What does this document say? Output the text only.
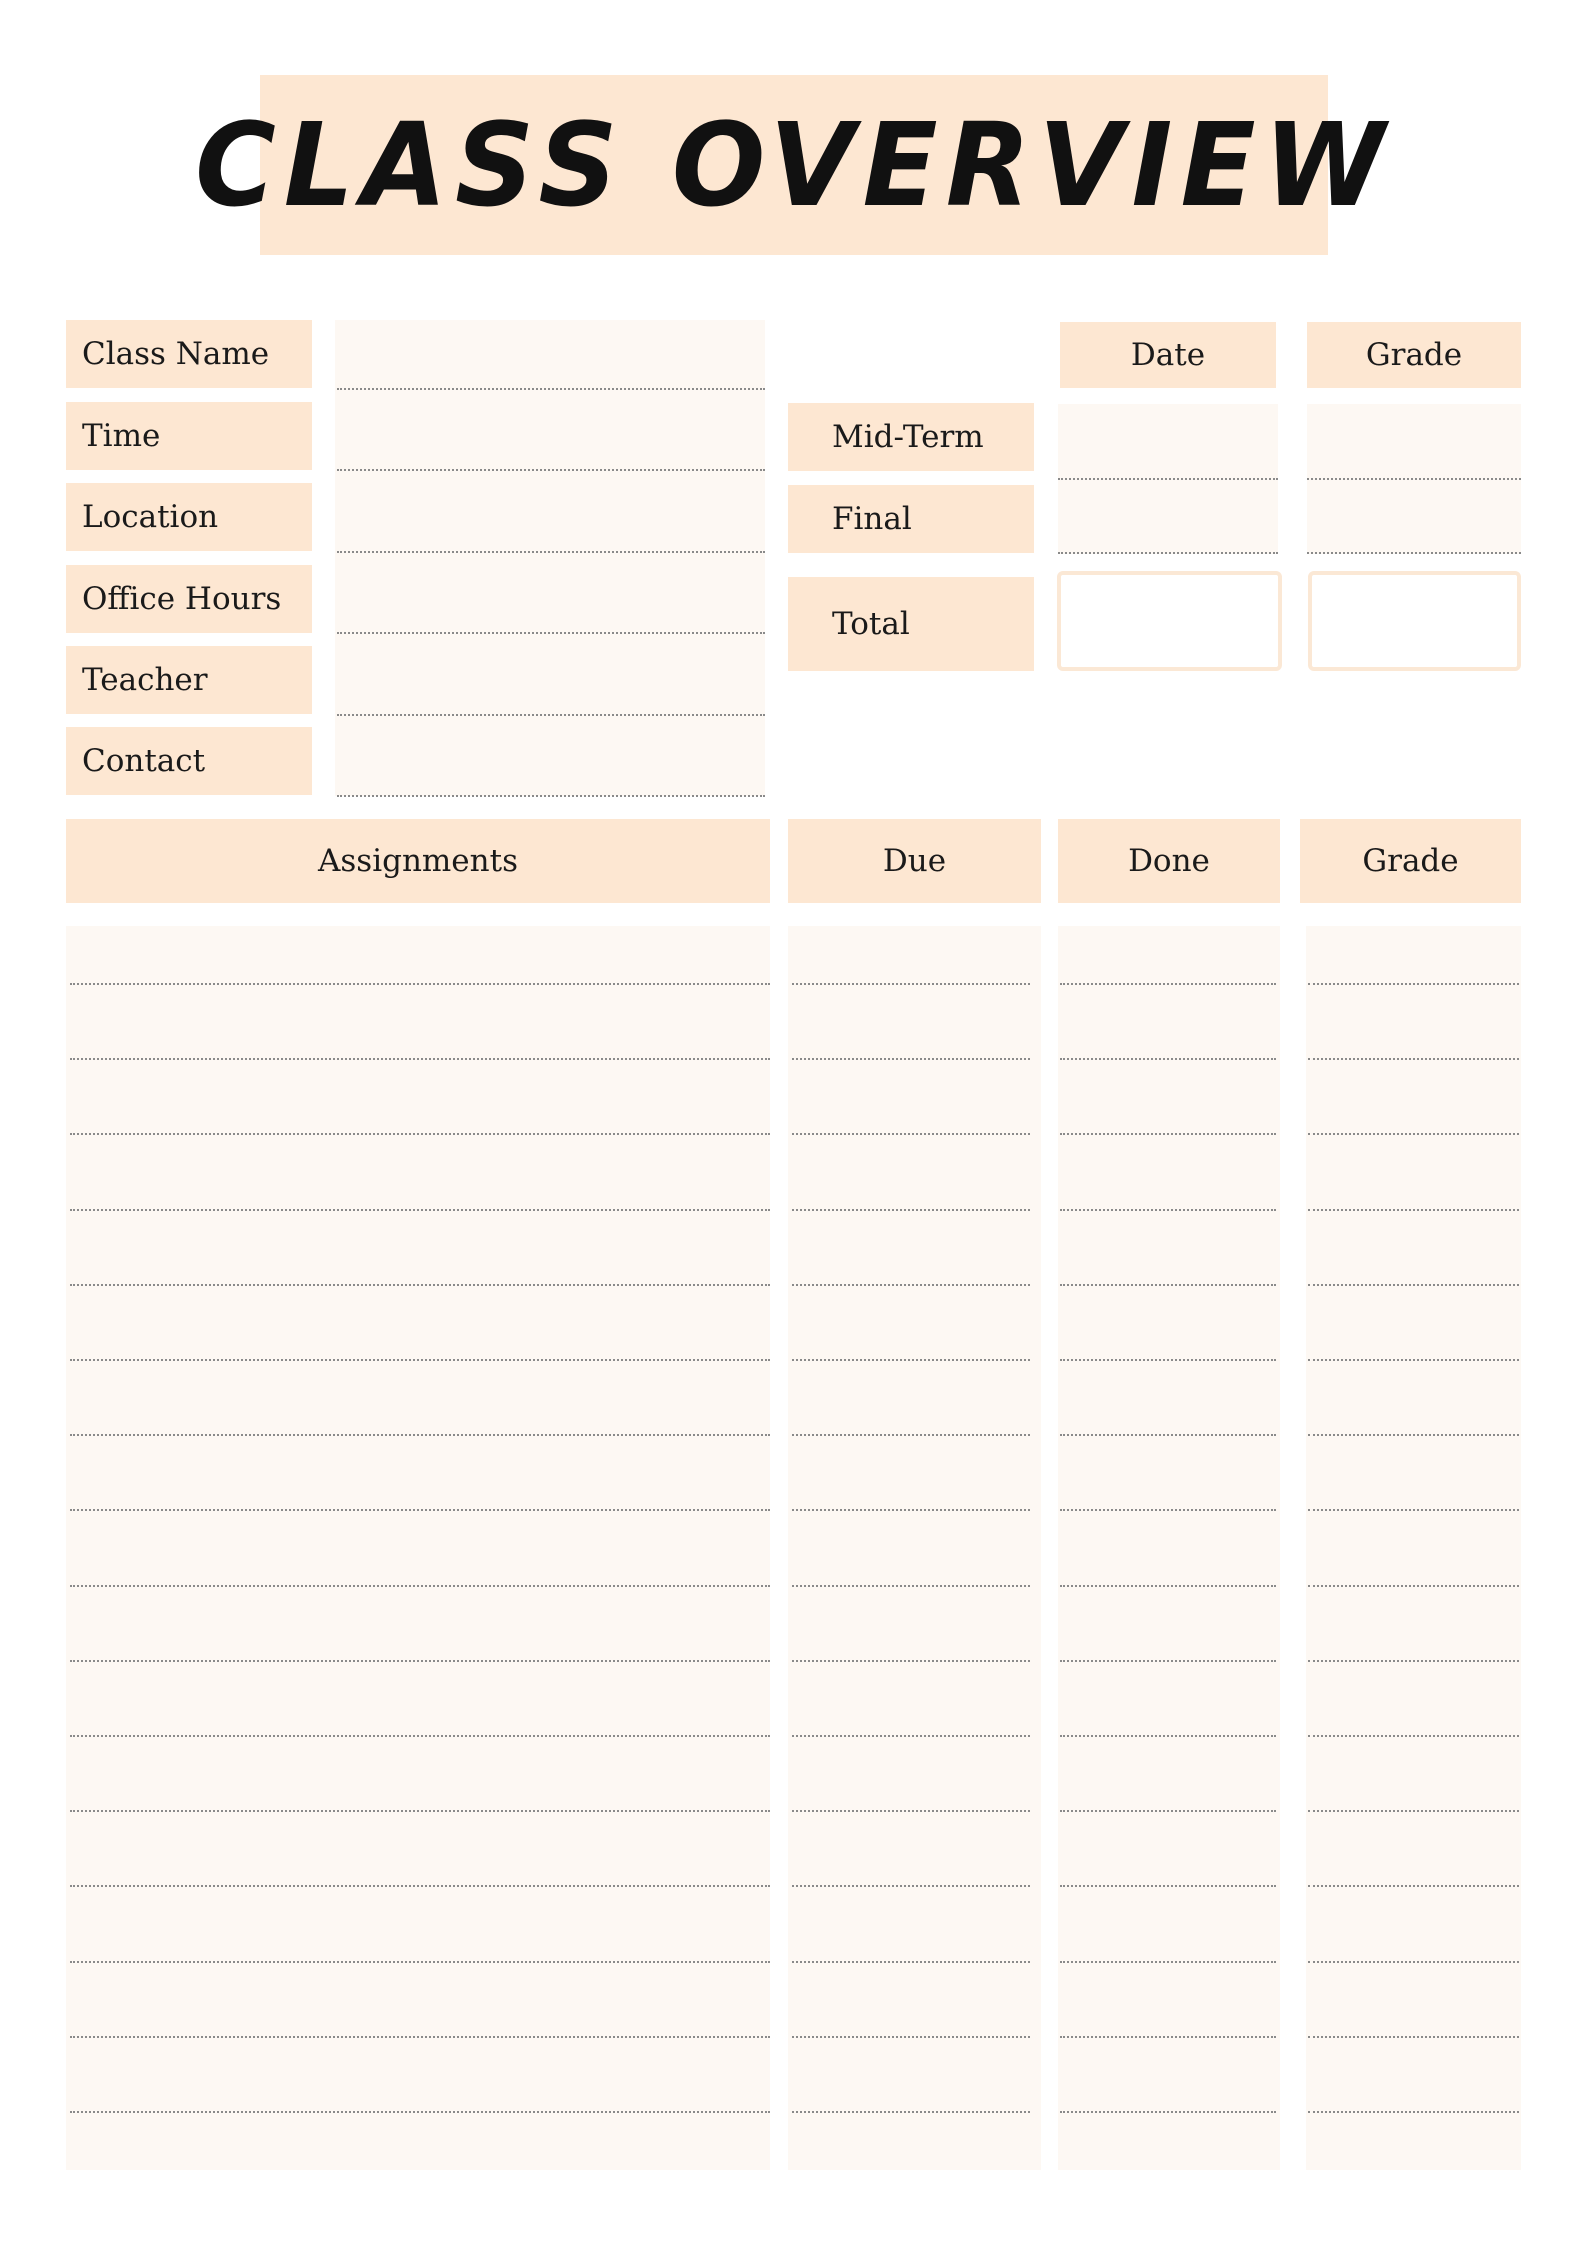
CLASS OVERVIEW
Class Name
Time
Location
Office Hours
Teacher
Contact
Date	Grade
Mid-Term
Final
Total
Assignments	Due	Done	Grade
